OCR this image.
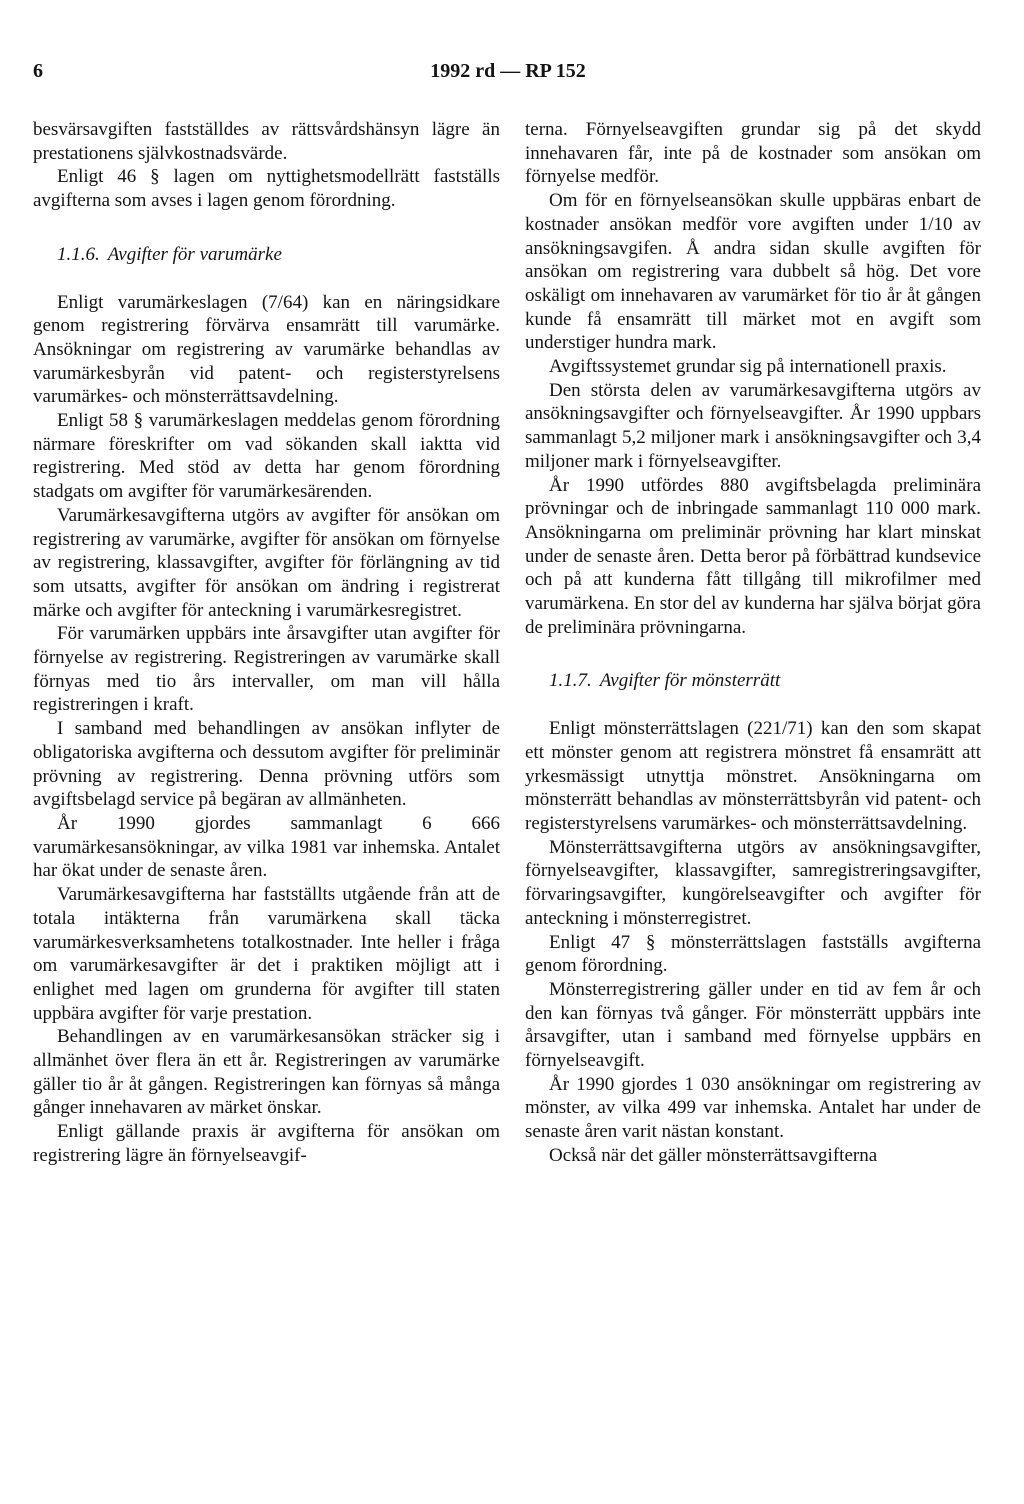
6	1992 rd — RP 152

besvärsavgiften fastställdes av rättsvårdshänsyn lägre än prestationens självkostnadsvärde.

Enligt 46 § lagen om nyttighetsmodellrätt fastställs avgifterna som avses i lagen genom förordning.

1.1.6. Avgifter för varumärke

Enligt varumärkeslagen (7/64) kan en näringsidkare genom registrering förvärva ensamrätt till varumärke. Ansökningar om registrering av varumärke behandlas av varumärkesbyrån vid patent- och registerstyrelsens varumärkes- och mönsterrättsavdelning.

Enligt 58 § varumärkeslagen meddelas genom förordning närmare föreskrifter om vad sökanden skall iaktta vid registrering. Med stöd av detta har genom förordning stadgats om avgifter för varumärkesärenden.

Varumärkesavgifterna utgörs av avgifter för ansökan om registrering av varumärke, avgifter för ansökan om förnyelse av registrering, klassavgifter, avgifter för förlängning av tid som utsatts, avgifter för ansökan om ändring i registrerat märke och avgifter för anteckning i varumärkesregistret.

För varumärken uppbärs inte årsavgifter utan avgifter för förnyelse av registrering. Registreringen av varumärke skall förnyas med tio års intervaller, om man vill hålla registreringen i kraft.

I samband med behandlingen av ansökan inflyter de obligatoriska avgifterna och dessutom avgifter för preliminär prövning av registrering. Denna prövning utförs som avgiftsbelagd service på begäran av allmänheten.

År 1990 gjordes sammanlagt 6 666 varumärkesansökningar, av vilka 1981 var inhemska. Antalet har ökat under de senaste åren.

Varumärkesavgifterna har fastställts utgående från att de totala intäkterna från varumärkena skall täcka varumärkesverksamhetens totalkostnader. Inte heller i fråga om varumärkesavgifter är det i praktiken möjligt att i enlighet med lagen om grunderna för avgifter till staten uppbära avgifter för varje prestation.

Behandlingen av en varumärkesansökan sträcker sig i allmänhet över flera än ett år. Registreringen av varumärke gäller tio år åt gången. Registreringen kan förnyas så många gånger innehavaren av märket önskar.

Enligt gällande praxis är avgifterna för ansökan om registrering lägre än förnyelseavgif-

terna. Förnyelseavgiften grundar sig på det skydd innehavaren får, inte på de kostnader som ansökan om förnyelse medför.

Om för en förnyelseansökan skulle uppbäras enbart de kostnader ansökan medför vore avgiften under 1/10 av ansökningsavgifen. Å andra sidan skulle avgiften för ansökan om registrering vara dubbelt så hög. Det vore oskäligt om innehavaren av varumärket för tio år åt gången kunde få ensamrätt till märket mot en avgift som understiger hundra mark.

Avgiftssystemet grundar sig på internationell praxis.

Den största delen av varumärkesavgifterna utgörs av ansökningsavgifter och förnyelseavgifter. År 1990 uppbars sammanlagt 5,2 miljoner mark i ansökningsavgifter och 3,4 miljoner mark i förnyelseavgifter.

År 1990 utfördes 880 avgiftsbelagda preliminära prövningar och de inbringade sammanlagt 110 000 mark. Ansökningarna om preliminär prövning har klart minskat under de senaste åren. Detta beror på förbättrad kundsevice och på att kunderna fått tillgång till mikrofilmer med varumärkena. En stor del av kunderna har själva börjat göra de preliminära prövningarna.

1.1.7. Avgifter för mönsterrätt

Enligt mönsterrättslagen (221/71) kan den som skapat ett mönster genom att registrera mönstret få ensamrätt att yrkesmässigt utnyttja mönstret. Ansökningarna om mönsterrätt behandlas av mönsterrättsbyrån vid patent- och registerstyrelsens varumärkes- och mönsterrättsavdelning.

Mönsterrättsavgifterna utgörs av ansökningsavgifter, förnyelseavgifter, klassavgifter, samregistreringsavgifter, förvaringsavgifter, kungörelseavgifter och avgifter för anteckning i mönsterregistret.

Enligt 47 § mönsterrättslagen fastställs avgifterna genom förordning.

Mönsterregistrering gäller under en tid av fem år och den kan förnyas två gånger. För mönsterrätt uppbärs inte årsavgifter, utan i samband med förnyelse uppbärs en förnyelseavgift.

År 1990 gjordes 1 030 ansökningar om registrering av mönster, av vilka 499 var inhemska. Antalet har under de senaste åren varit nästan konstant.

Också när det gäller mönsterrättsavgifterna
